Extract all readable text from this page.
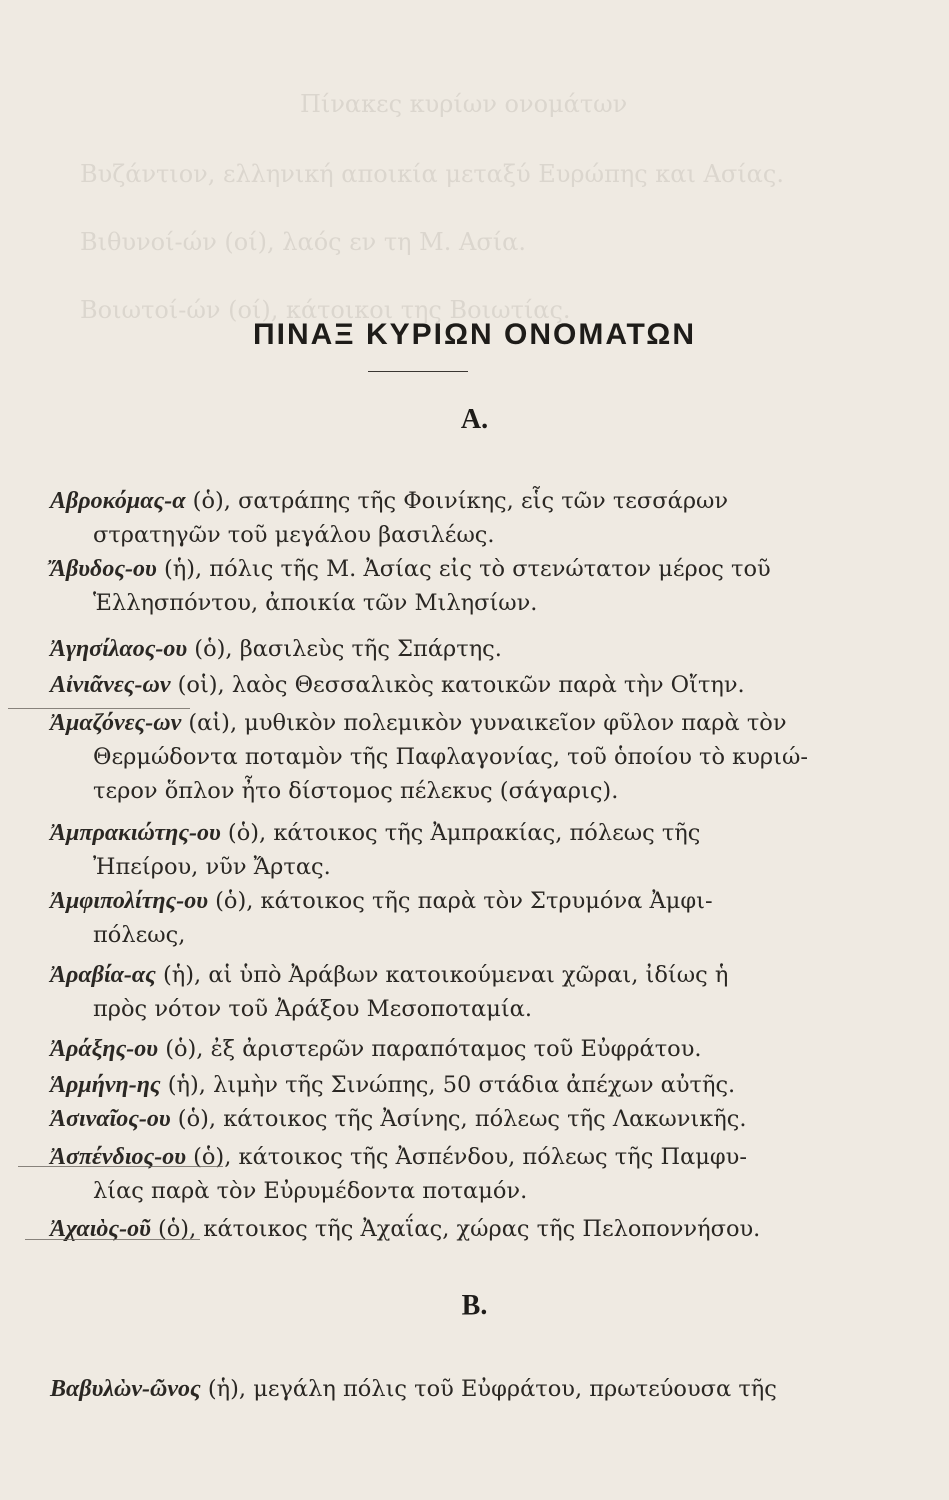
Πίνακες κυρίων ονομάτων
Βυζάντιον, ελληνική αποικία μεταξύ Ευρώπης και Ασίας.
Βιθυνοί-ών (οί), λαός εν τη Μ. Ασία.
Βοιωτοί-ών (οί), κάτοικοι της Βοιωτίας.
ΠΙΝΑΞ ΚΥΡΙΩΝ ΟΝΟΜΑΤΩΝ
Α.
Β.
Αβροκόμας-α (ὁ), σατράπης τῆς Φοινίκης, εἷς τῶν τεσσάρων
στρατηγῶν τοῦ μεγάλου βασιλέως.
Ἄβυδος-ου (ἡ), πόλις τῆς Μ. Ἀσίας εἰς τὸ στενώτατον μέρος τοῦ
Ἑλλησπόντου, ἀποικία τῶν Μιλησίων.
Ἀγησίλαος-ου (ὁ), βασιλεὺς τῆς Σπάρτης.
Αἰνιᾶνες-ων (οἱ), λαὸς Θεσσαλικὸς κατοικῶν παρὰ τὴν Οἴτην.
Ἀμαζόνες-ων (αἱ), μυθικὸν πολεμικὸν γυναικεῖον φῦλον παρὰ τὸν
Θερμώδοντα ποταμὸν τῆς Παφλαγονίας, τοῦ ὁποίου τὸ κυριώ-
τερον ὅπλον ἦτο δίστομος πέλεκυς (σάγαρις).
Ἀμπρακιώτης-ου (ὁ), κάτοικος τῆς Ἀμπρακίας, πόλεως τῆς
Ἠπείρου, νῦν Ἄρτας.
Ἀμφιπολίτης-ου (ὁ), κάτοικος τῆς παρὰ τὸν Στρυμόνα Ἀμφι-
πόλεως,
Ἀραβία-ας (ἡ), αἱ ὑπὸ Ἀράβων κατοικούμεναι χῶραι, ἰδίως ἡ
πρὸς νότον τοῦ Ἀράξου Μεσοποταμία.
Ἀράξης-ου (ὁ), ἐξ ἀριστερῶν παραπόταμος τοῦ Εὐφράτου.
Ἁρμήνη-ης (ἡ), λιμὴν τῆς Σινώπης, 50 στάδια ἀπέχων αὐτῆς.
Ἀσιναῖος-ου (ὁ), κάτοικος τῆς Ἀσίνης, πόλεως τῆς Λακωνικῆς.
Ἀσπένδιος-ου (ὁ), κάτοικος τῆς Ἀσπένδου, πόλεως τῆς Παμφυ-
λίας παρὰ τὸν Εὐρυμέδοντα ποταμόν.
Ἀχαιὸς-οῦ (ὁ), κάτοικος τῆς Ἀχαΐας, χώρας τῆς Πελοποννήσου.
Βαβυλὼν-ῶνος (ἡ), μεγάλη πόλις τοῦ Εὐφράτου, πρωτεύουσα τῆς
